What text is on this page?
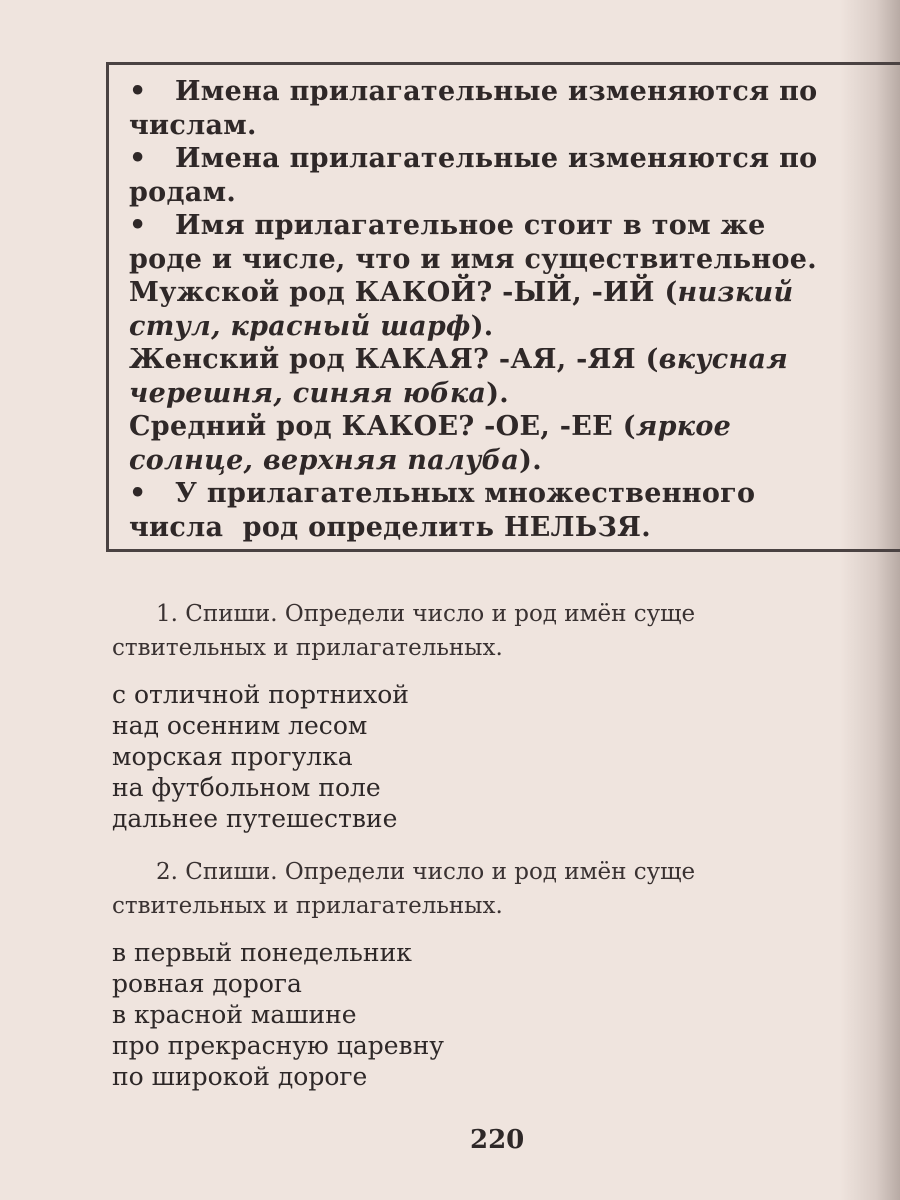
• Имена прилагательные изменяются по
числам.
• Имена прилагательные изменяются по
родам.
• Имя прилагательное стоит в том же
роде и числе, что и имя существительное.
Мужской род КАКОЙ? -ЫЙ, -ИЙ (низкий
стул, красный шарф).
Женский род КАКАЯ? -АЯ, -ЯЯ (вкусная
черешня, синяя юбка).
Средний род КАКОЕ? -ОЕ, -ЕЕ (яркое
солнце, верхняя палуба).
• У прилагательных множественного
числа  род определить НЕЛЬЗЯ.
1. Спиши. Определи число и род имён суще
ствительных и прилагательных.
с отличной портнихой
над осенним лесом
морская прогулка
на футбольном поле
дальнее путешествие
2. Спиши. Определи число и род имён суще
ствительных и прилагательных.
в первый понедельник
ровная дорога
в красной машине
про прекрасную царевну
по широкой дороге
220
